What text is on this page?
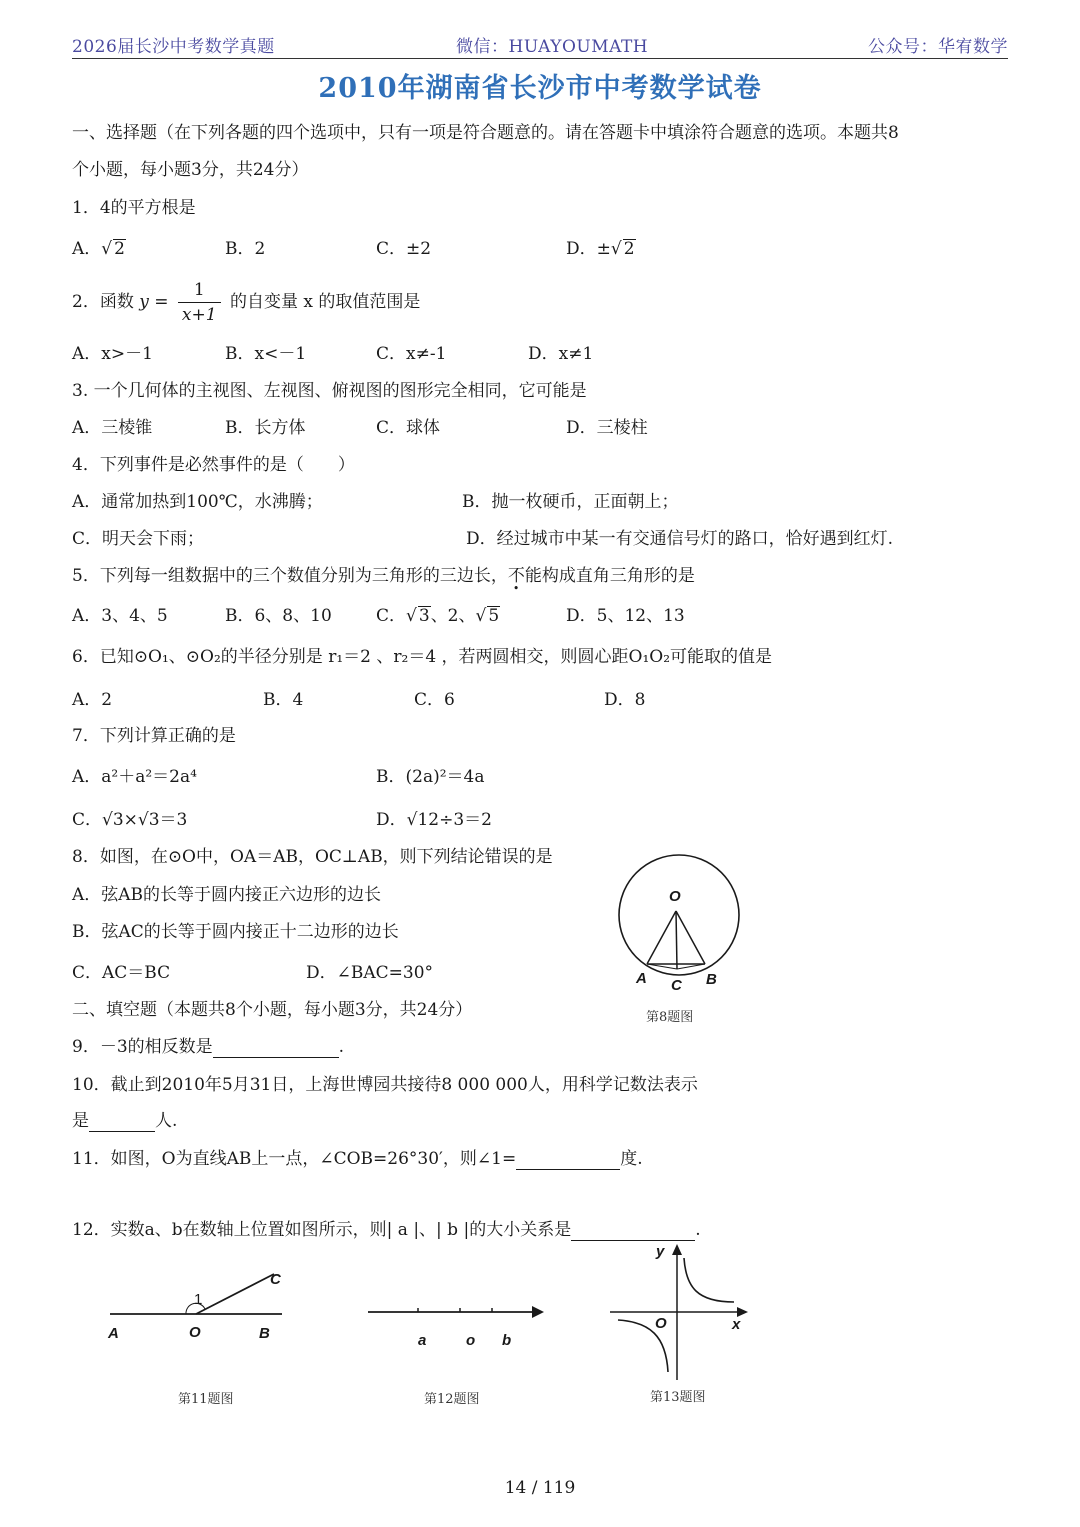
2026届长沙中考数学真题	微信：HUAYOUMATH	公众号：华宥数学
2010年湖南省长沙市中考数学试卷
一、选择题（在下列各题的四个选项中，只有一项是符合题意的。请在答题卡中填涂符合题意的选项。本题共8
个小题，每小题3分，共24分）
1．4的平方根是
A．√ 2	B．2	C．±2	D．±√ 2
2．函数 $y = \frac{1}{x+1}$ 的自变量 x 的取值范围是
A．x>－1	B．x<－1	C．x≠-1	D．x≠1
3. 一个几何体的主视图、左视图、俯视图的图形完全相同，它可能是
A．三棱锥	B．长方体	C．球体	D．三棱柱
4．下列事件是必然事件的是（　　）
A．通常加热到100℃，水沸腾；	B．抛一枚硬币，正面朝上；
C．明天会下雨；	D．经过城市中某一有交通信号灯的路口，恰好遇到红灯.
5．下列每一组数据中的三个数值分别为三角形的三边长，不能构成直角三角形的是
A．3、4、5	B．6、8、10	C．√ 3、2、√ 5	D．5、12、13
6．已知⊙O₁、⊙O₂的半径分别是 r₁＝2 、r₂＝4 ，若两圆相交，则圆心距O₁O₂可能取的值是
A．2	B．4	C．6	D．8
7．下列计算正确的是
A．a²＋a²＝2a⁴	B．(2a)²＝4a
C．√3×√3＝3	D．√12÷3＝2
8．如图，在⊙O中，OA＝AB，OC⊥AB，则下列结论错误的是
A．弦AB的长等于圆内接正六边形的边长
B．弦AC的长等于圆内接正十二边形的边长
C．AC＝BC	D．∠BAC=30°
O
A C B
第8题图
二、填空题（本题共8个小题，每小题3分，共24分）
9．－3的相反数是	.
10．截止到2010年5月31日，上海世博园共接待8 000 000人，用科学记数法表示
是	人.
11．如图，O为直线AB上一点，∠COB=26°30′，则∠1=	度.
12．实数a、b在数轴上位置如图所示，则| a |、| b |的大小关系是	.
A	O	B
C
1
第11题图
a	o b
第12题图
y
x
O
第13题图
14 / 119
